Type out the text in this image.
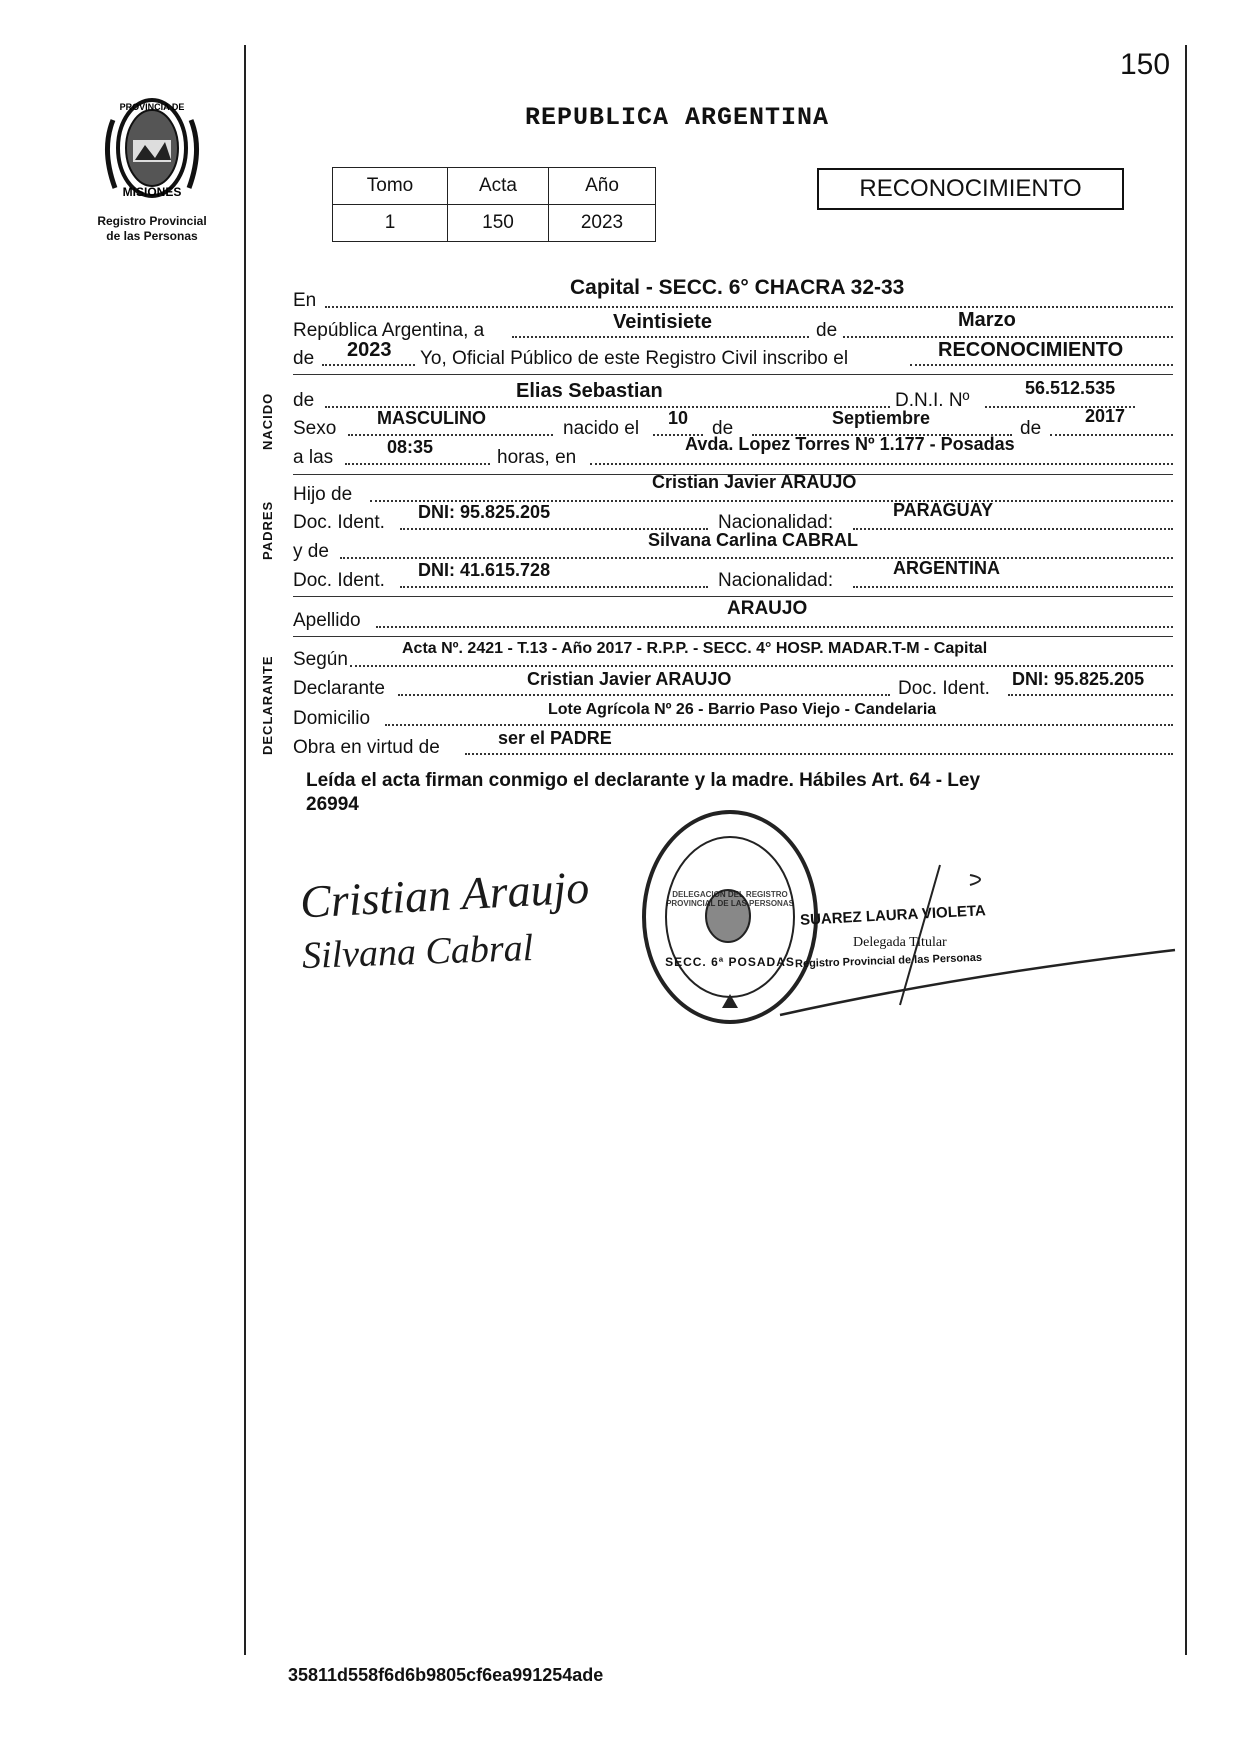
150
PROVINCIA DE
MISIONES
Registro Provincial
de las Personas
REPUBLICA ARGENTINA
Tomo	Acta	Año
1	150	2023
RECONOCIMIENTO
En
Capital - SECC. 6° CHACRA 32-33
República Argentina, a	Veintisiete	de	Marzo
de 2023 Yo, Oficial Público de este Registro Civil inscribo el	RECONOCIMIENTO
NACIDO de	Elias Sebastian	D.N.I. Nº
56.512.535
Sexo MASCULINO	nacido el 10 de	Septiembre	de
2017
a las	08:35	horas, en
Avda. Lopez Torres Nº 1.177 - Posadas
PADRES
Hijo de
Cristian Javier ARAUJO
Doc. Ident. DNI: 95.825.205	Nacionalidad:
PARAGUAY
y de
Silvana Carlina CABRAL
Doc. Ident. DNI: 41.615.728	Nacionalidad:
ARGENTINA
Apellido
ARAUJO
DECLARANTE Según
Acta Nº. 2421 - T.13 - Año 2017 - R.P.P. - SECC. 4° HOSP. MADAR.T-M - Capital
Declarante	Cristian Javier ARAUJO	Doc. Ident. DNI: 95.825.205
Domicilio	Lote Agrícola Nº 26 - Barrio Paso Viejo - Candelaria
Obra en virtud de	ser el PADRE
Leída el acta firman conmigo el declarante y la madre. Hábiles Art. 64 - Ley
26994
Cristian Araujo
Silvana Cabral
DELEGACION DEL REGISTRO PROVINCIAL DE LAS PERSONAS
SECC. 6ª POSADAS
SUAREZ LAURA VIOLETA
Delegada Titular
Registro Provincial de las Personas
35811d558f6d6b9805cf6ea991254ade
